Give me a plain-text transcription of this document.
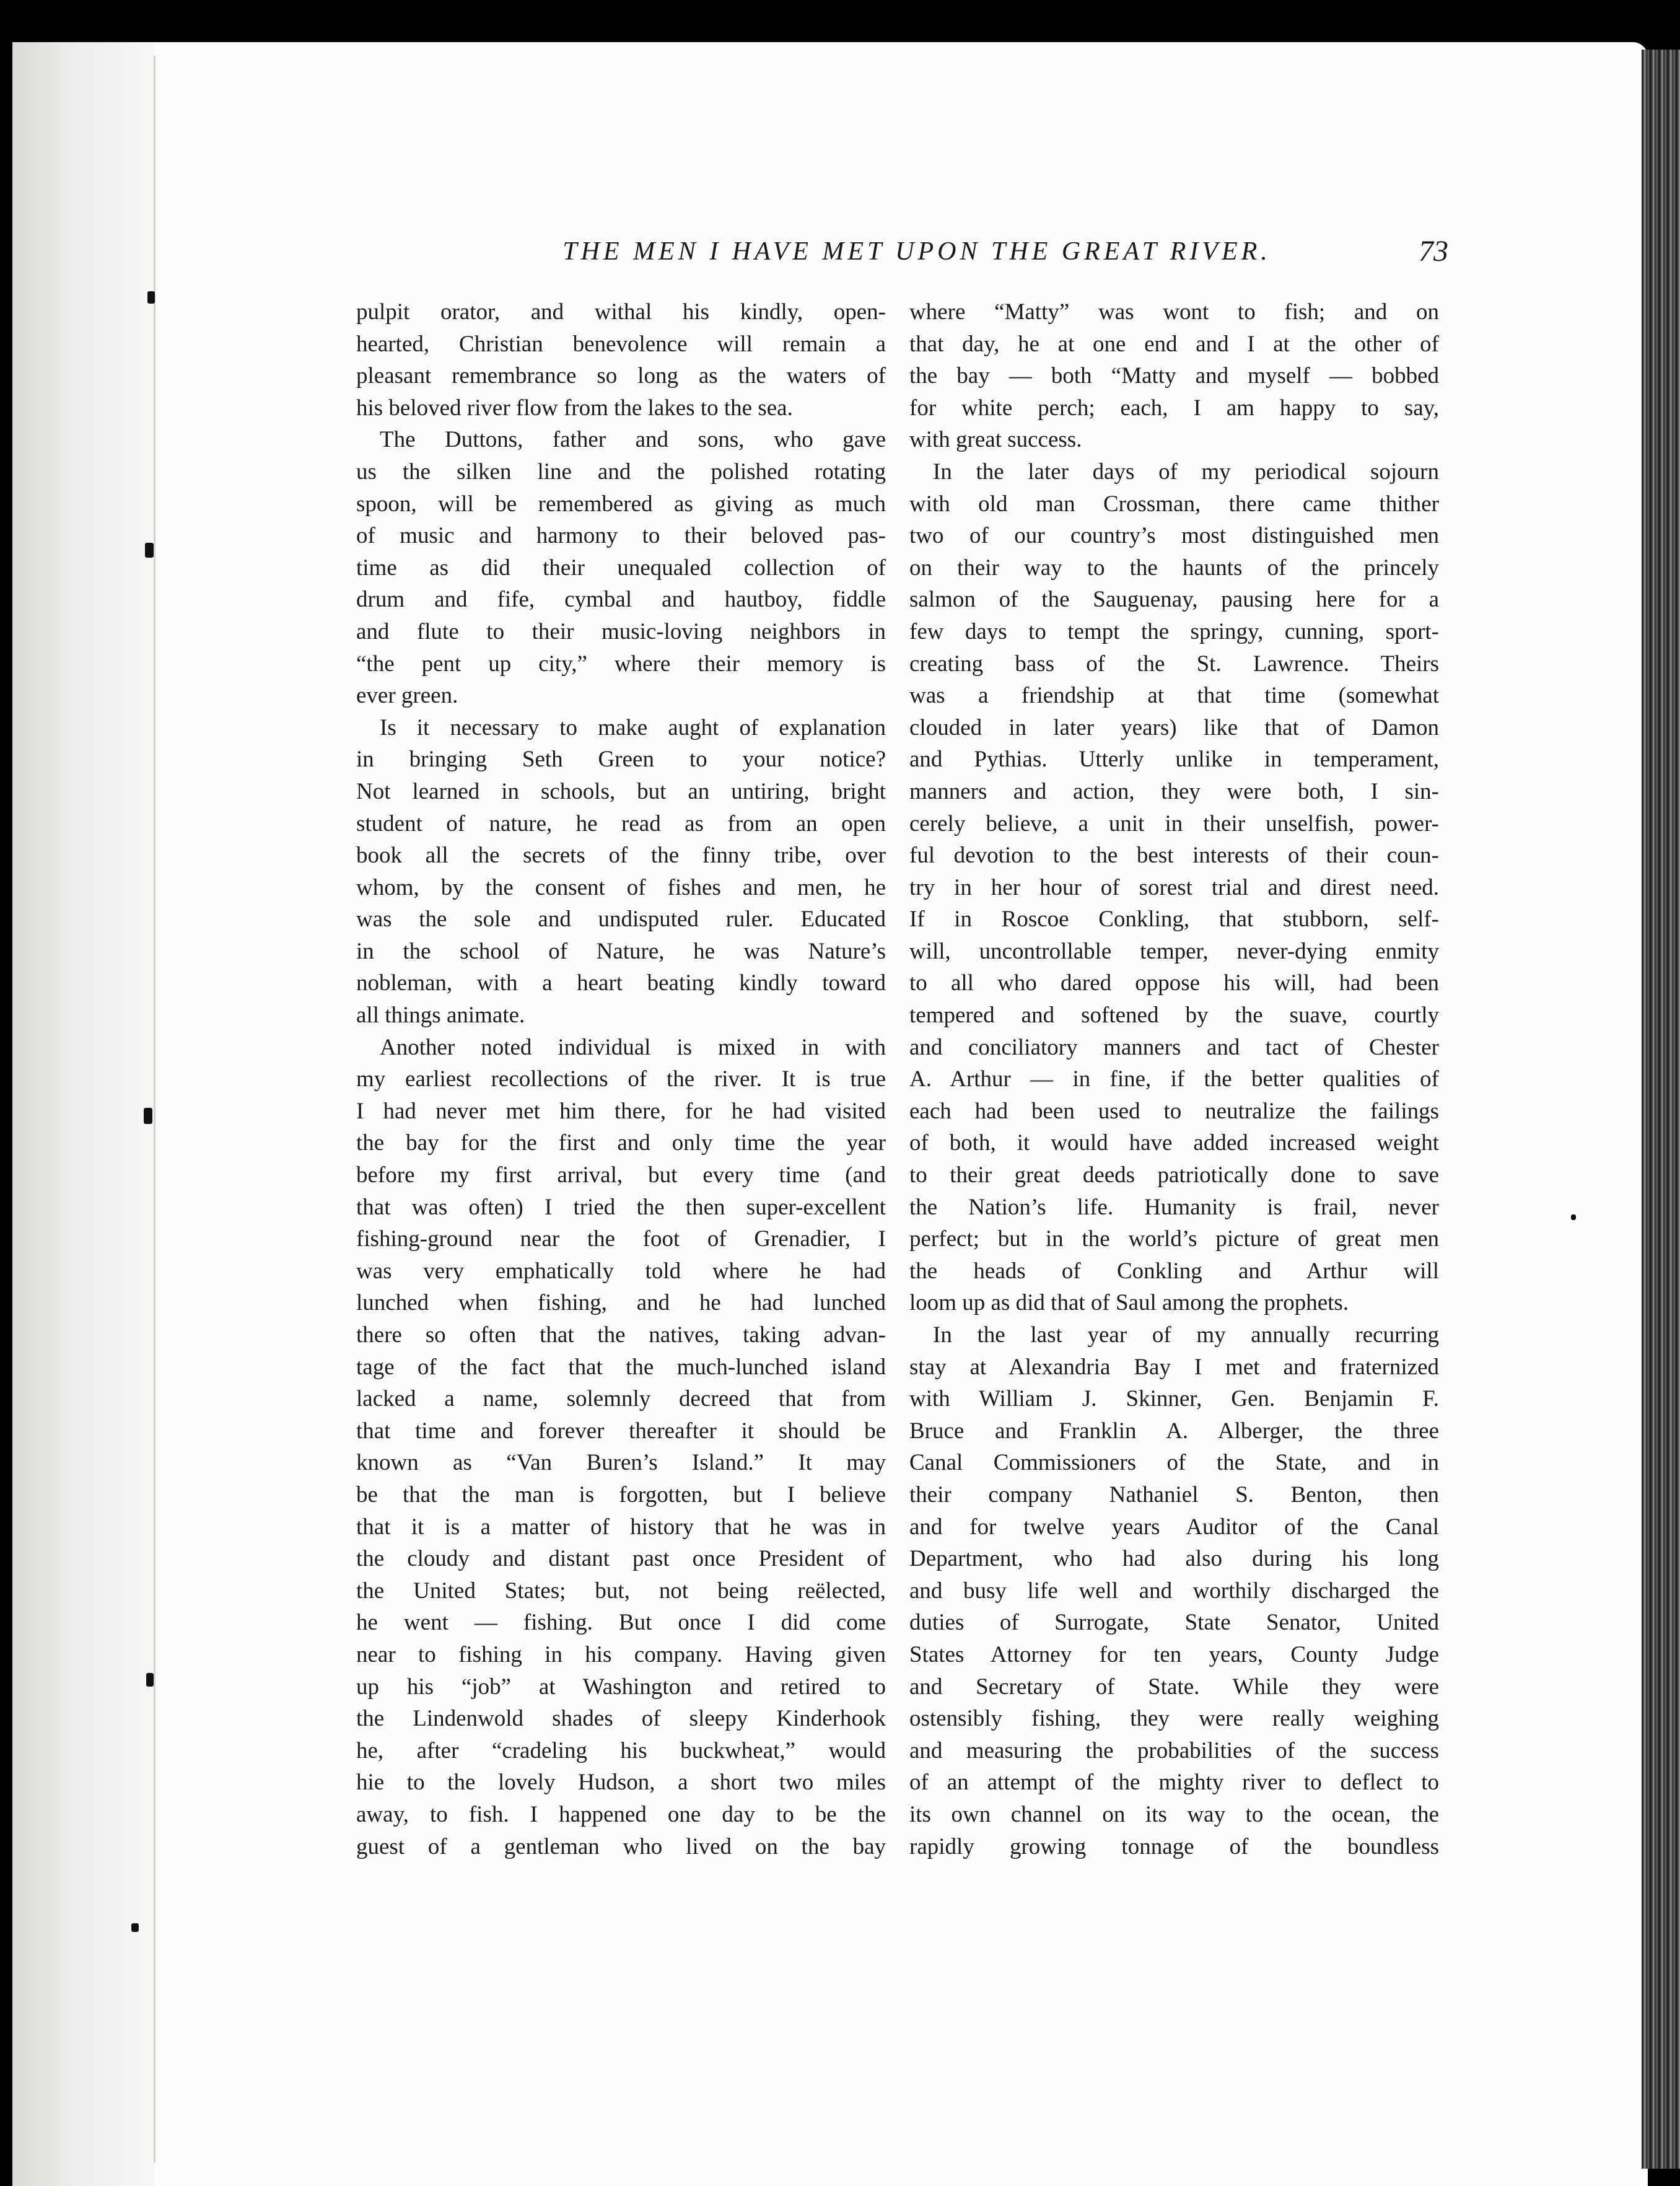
THE MEN I HAVE MET UPON THE GREAT RIVER.	73
pulpit orator, and withal his kindly, open-
hearted, Christian benevolence will remain a
pleasant remembrance so long as the waters of
his beloved river flow from the lakes to the sea.
The Duttons, father and sons, who gave
us the silken line and the polished rotating
spoon, will be remembered as giving as much
of music and harmony to their beloved pas-
time as did their unequaled collection of
drum and fife, cymbal and hautboy, fiddle
and flute to their music-loving neighbors in
“the pent up city,” where their memory is
ever green.
Is it necessary to make aught of explanation
in bringing Seth Green to your notice?
Not learned in schools, but an untiring, bright
student of nature, he read as from an open
book all the secrets of the finny tribe, over
whom, by the consent of fishes and men, he
was the sole and undisputed ruler. Educated
in the school of Nature, he was Nature’s
nobleman, with a heart beating kindly toward
all things animate.
Another noted individual is mixed in with
my earliest recollections of the river. It is true
I had never met him there, for he had visited
the bay for the first and only time the year
before my first arrival, but every time (and
that was often) I tried the then super-excellent
fishing-ground near the foot of Grenadier, I
was very emphatically told where he had
lunched when fishing, and he had lunched
there so often that the natives, taking advan-
tage of the fact that the much-lunched island
lacked a name, solemnly decreed that from
that time and forever thereafter it should be
known as “Van Buren’s Island.” It may
be that the man is forgotten, but I believe
that it is a matter of history that he was in
the cloudy and distant past once President of
the United States; but, not being reëlected,
he went — fishing. But once I did come
near to fishing in his company. Having given
up his “job” at Washington and retired to
the Lindenwold shades of sleepy Kinderhook
he, after “cradeling his buckwheat,” would
hie to the lovely Hudson, a short two miles
away, to fish. I happened one day to be the
guest of a gentleman who lived on the bay
where “Matty” was wont to fish; and on
that day, he at one end and I at the other of
the bay — both “Matty and myself — bobbed
for white perch; each, I am happy to say,
with great success.
In the later days of my periodical sojourn
with old man Crossman, there came thither
two of our country’s most distinguished men
on their way to the haunts of the princely
salmon of the Sauguenay, pausing here for a
few days to tempt the springy, cunning, sport-
creating bass of the St. Lawrence. Theirs
was a friendship at that time (somewhat
clouded in later years) like that of Damon
and Pythias. Utterly unlike in temperament,
manners and action, they were both, I sin-
cerely believe, a unit in their unselfish, power-
ful devotion to the best interests of their coun-
try in her hour of sorest trial and direst need.
If in Roscoe Conkling, that stubborn, self-
will, uncontrollable temper, never-dying enmity
to all who dared oppose his will, had been
tempered and softened by the suave, courtly
and conciliatory manners and tact of Chester
A. Arthur — in fine, if the better qualities of
each had been used to neutralize the failings
of both, it would have added increased weight
to their great deeds patriotically done to save
the Nation’s life. Humanity is frail, never
perfect; but in the world’s picture of great men
the heads of Conkling and Arthur will
loom up as did that of Saul among the prophets.
In the last year of my annually recurring
stay at Alexandria Bay I met and fraternized
with William J. Skinner, Gen. Benjamin F.
Bruce and Franklin A. Alberger, the three
Canal Commissioners of the State, and in
their company Nathaniel S. Benton, then
and for twelve years Auditor of the Canal
Department, who had also during his long
and busy life well and worthily discharged the
duties of Surrogate, State Senator, United
States Attorney for ten years, County Judge
and Secretary of State. While they were
ostensibly fishing, they were really weighing
and measuring the probabilities of the success
of an attempt of the mighty river to deflect to
its own channel on its way to the ocean, the
rapidly growing tonnage of the boundless
